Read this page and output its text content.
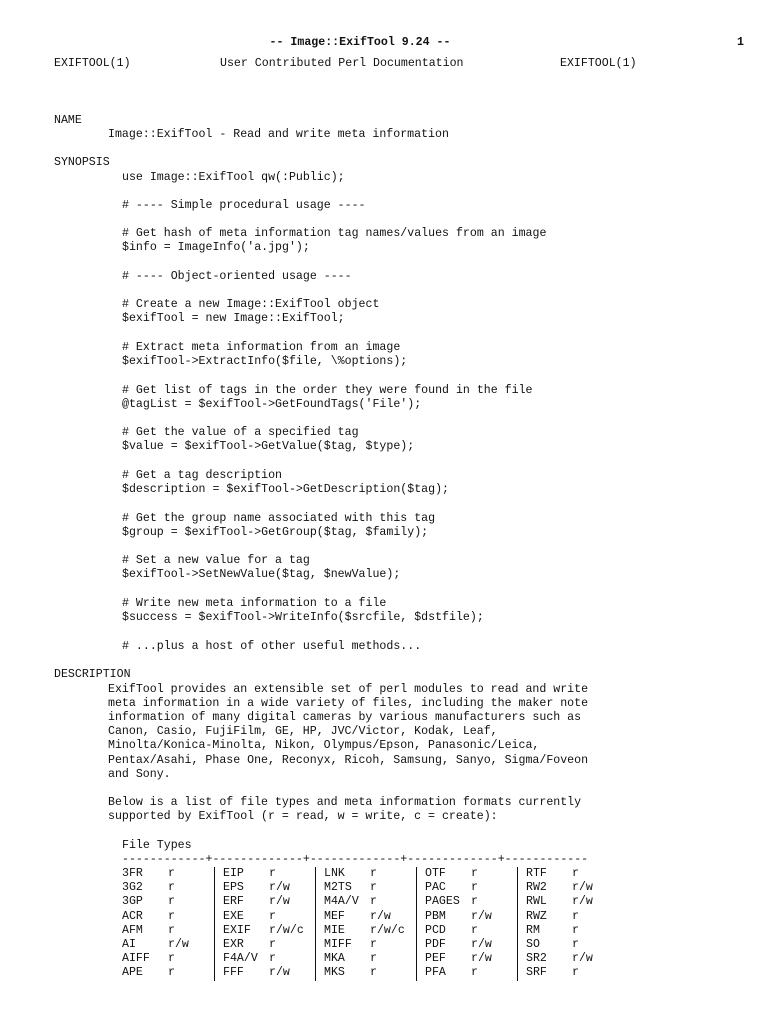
-- Image::ExifTool 9.24 --	1
EXIFTOOL(1)	User Contributed Perl Documentation	EXIFTOOL(1)
NAME
Image::ExifTool - Read and write meta information
SYNOPSIS
use Image::ExifTool qw(:Public);
# ---- Simple procedural usage ----
# Get hash of meta information tag names/values from an image
$info = ImageInfo('a.jpg');
# ---- Object-oriented usage ----
# Create a new Image::ExifTool object
$exifTool = new Image::ExifTool;
# Extract meta information from an image
$exifTool->ExtractInfo($file, \%options);
# Get list of tags in the order they were found in the file
@tagList = $exifTool->GetFoundTags('File');
# Get the value of a specified tag
$value = $exifTool->GetValue($tag, $type);
# Get a tag description
$description = $exifTool->GetDescription($tag);
# Get the group name associated with this tag
$group = $exifTool->GetGroup($tag, $family);
# Set a new value for a tag
$exifTool->SetNewValue($tag, $newValue);
# Write new meta information to a file
$success = $exifTool->WriteInfo($srcfile, $dstfile);
# ...plus a host of other useful methods...
DESCRIPTION
ExifTool provides an extensible set of perl modules to read and write
meta information in a wide variety of files, including the maker note
information of many digital cameras by various manufacturers such as
Canon, Casio, FujiFilm, GE, HP, JVC/Victor, Kodak, Leaf,
Minolta/Konica-Minolta, Nikon, Olympus/Epson, Panasonic/Leica,
Pentax/Asahi, Phase One, Reconyx, Ricoh, Samsung, Sanyo, Sigma/Foveon
and Sony.
Below is a list of file types and meta information formats currently
supported by ExifTool (r = read, w = write, c = create):
File Types
------------+-------------+-------------+-------------+------------
3FR	r		EIP	r		LNK	r		OTF	r		RTF	r
3G2	r		EPS	r/w		M2TS	r		PAC	r		RW2	r/w
3GP	r		ERF	r/w		M4A/V	r		PAGES	r		RWL	r/w
ACR	r		EXE	r		MEF	r/w		PBM	r/w		RWZ	r
AFM	r		EXIF	r/w/c		MIE	r/w/c		PCD	r		RM	r
AI	r/w		EXR	r		MIFF	r		PDF	r/w		SO	r
AIFF	r		F4A/V	r		MKA	r		PEF	r/w		SR2	r/w
APE	r		FFF	r/w		MKS	r		PFA	r		SRF	r
